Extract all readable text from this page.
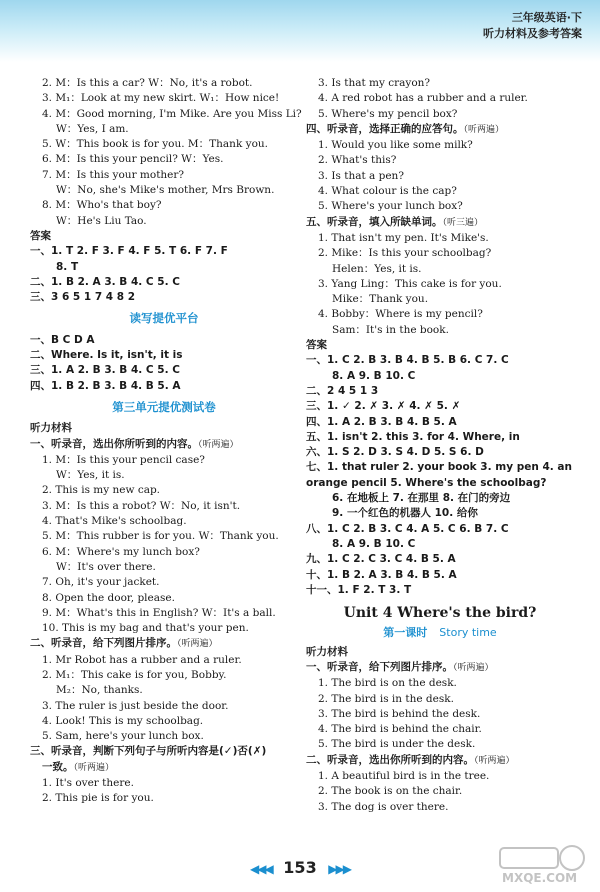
三年级英语·下
听力材料及参考答案
2. M：Is this a car? W：No, it's a robot.
3. M₁：Look at my new skirt. W₁：How nice!
4. M：Good morning, I'm Mike. Are you Miss Li?
W：Yes, I am.
5. W：This book is for you. M：Thank you.
6. M：Is this your pencil? W：Yes.
7. M：Is this your mother?
W：No, she's Mike's mother, Mrs Brown.
8. M：Who's that boy?
W：He's Liu Tao.
答案
一、1. T 2. F 3. F 4. F 5. T 6. F 7. F
8. T
二、1. B 2. A 3. B 4. C 5. C
三、3 6 5 1 7 4 8 2
读写提优平台
一、B C D A
二、Where. Is it, isn't, it is
三、1. A 2. B 3. B 4. C 5. C
四、1. B 2. B 3. B 4. B 5. A
第三单元提优测试卷
听力材料
一、听录音，选出你所听到的内容。（听两遍）
1. M：Is this your pencil case?
W：Yes, it is.
2. This is my new cap.
3. M：Is this a robot? W：No, it isn't.
4. That's Mike's schoolbag.
5. M：This rubber is for you. W：Thank you.
6. M：Where's my lunch box?
W：It's over there.
7. Oh, it's your jacket.
8. Open the door, please.
9. M：What's this in English? W：It's a ball.
10. This is my bag and that's your pen.
二、听录音，给下列图片排序。（听两遍）
1. Mr Robot has a rubber and a ruler.
2. M₁：This cake is for you, Bobby.
M₂：No, thanks.
3. The ruler is just beside the door.
4. Look! This is my schoolbag.
5. Sam, here's your lunch box.
三、听录音，判断下列句子与所听内容是(✓)否(✗)
一致。（听两遍）
1. It's over there.
2. This pie is for you.
3. Is that my crayon?
4. A red robot has a rubber and a ruler.
5. Where's my pencil box?
四、听录音，选择正确的应答句。（听两遍）
1. Would you like some milk?
2. What's this?
3. Is that a pen?
4. What colour is the cap?
5. Where's your lunch box?
五、听录音，填入所缺单词。（听三遍）
1. That isn't my pen. It's Mike's.
2. Mike：Is this your schoolbag?
Helen：Yes, it is.
3. Yang Ling：This cake is for you.
Mike：Thank you.
4. Bobby：Where is my pencil?
Sam：It's in the book.
答案
一、1. C 2. B 3. B 4. B 5. B 6. C 7. C
8. A 9. B 10. C
二、2 4 5 1 3
三、1. ✓ 2. ✗ 3. ✗ 4. ✗ 5. ✗
四、1. A 2. B 3. B 4. B 5. A
五、1. isn't 2. this 3. for 4. Where, in
六、1. S 2. D 3. S 4. D 5. S 6. D
七、1. that ruler 2. your book 3. my pen 4. an
orange pencil 5. Where's the schoolbag?
6. 在地板上 7. 在那里 8. 在门的旁边
9. 一个红色的机器人 10. 给你
八、1. C 2. B 3. C 4. A 5. C 6. B 7. C
8. A 9. B 10. C
九、1. C 2. C 3. C 4. B 5. A
十、1. B 2. A 3. B 4. B 5. A
十一、1. F 2. T 3. T
Unit 4 Where's the bird?
第一课时 Story time
听力材料
一、听录音，给下列图片排序。（听两遍）
1. The bird is on the desk.
2. The bird is in the desk.
3. The bird is behind the desk.
4. The bird is behind the chair.
5. The bird is under the desk.
二、听录音，选出你所听到的内容。（听两遍）
1. A beautiful bird is in the tree.
2. The book is on the chair.
3. The dog is over there.
◀◀◀ 153 ▶▶▶
MXQE.COM
